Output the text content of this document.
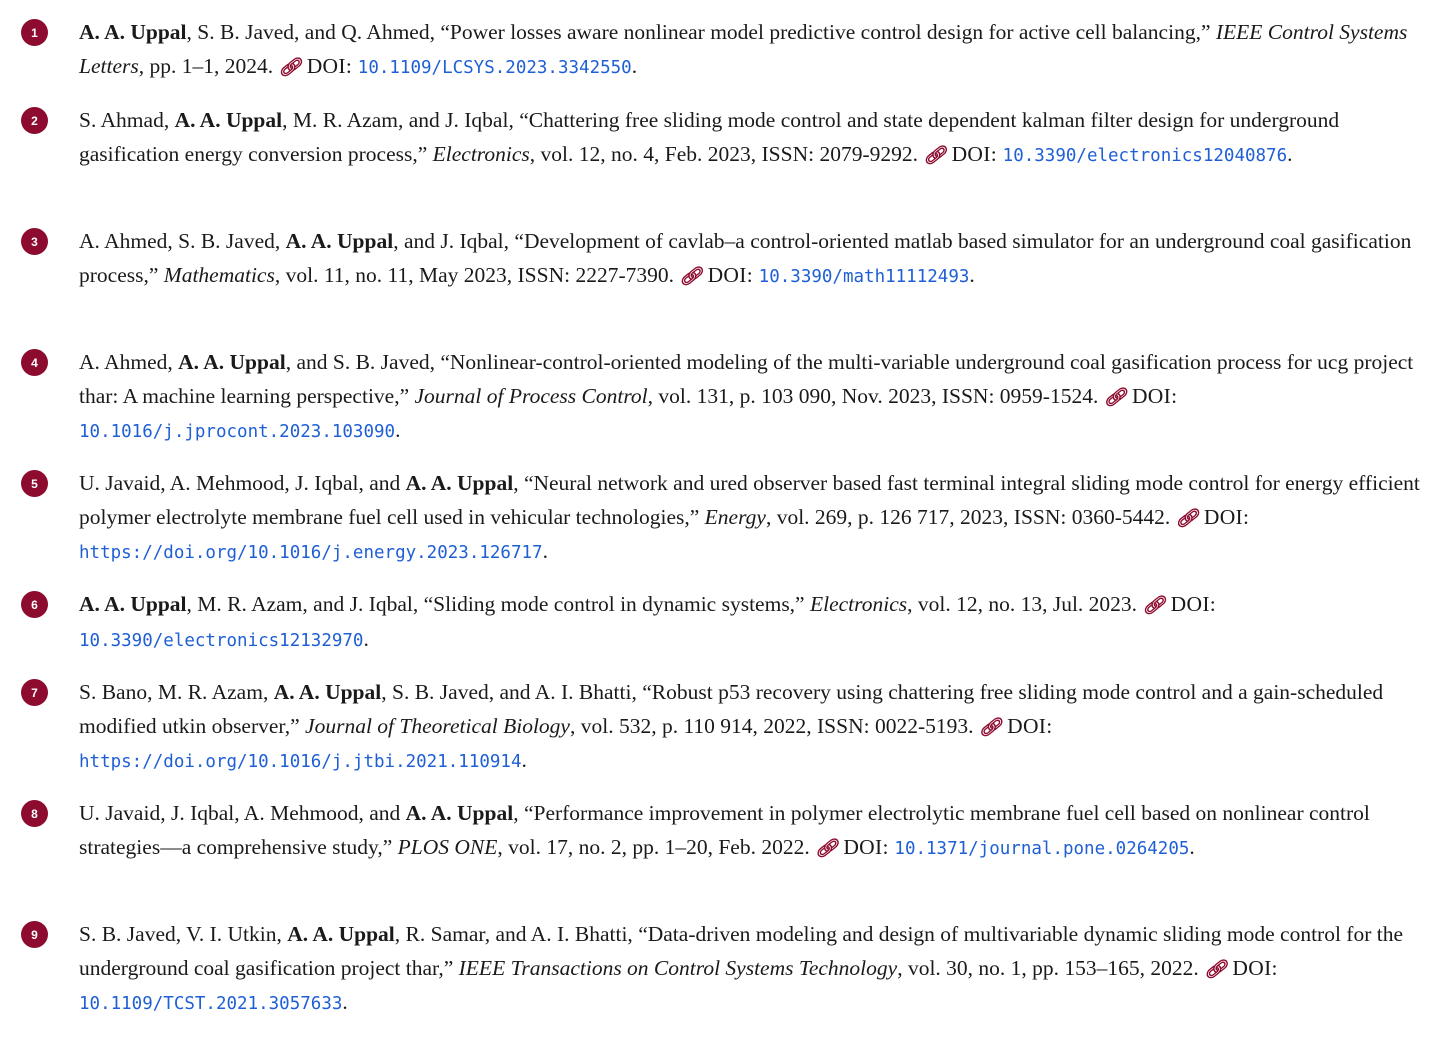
1	A. A. Uppal, S. B. Javed, and Q. Ahmed, “Power losses aware nonlinear model predictive control design for active cell balancing,” IEEE Control Systems Letters, pp. 1–1, 2024. 🔗︎ DOI: 10.1109/LCSYS.2023.3342550.
2	S. Ahmad, A. A. Uppal, M. R. Azam, and J. Iqbal, “Chattering free sliding mode control and state dependent kalman filter design for underground gasification energy conversion process,” Electronics, vol. 12, no. 4, Feb. 2023, ISSN: 2079-9292. 🔗︎ DOI: 10.3390/electronics12040876.
3	A. Ahmed, S. B. Javed, A. A. Uppal, and J. Iqbal, “Development of cavlab–a control-oriented matlab based simulator for an underground coal gasification process,” Mathematics, vol. 11, no. 11, May 2023, ISSN: 2227-7390. 🔗︎ DOI: 10.3390/math11112493.
4	A. Ahmed, A. A. Uppal, and S. B. Javed, “Nonlinear-control-oriented modeling of the multi-variable underground coal gasification process for ucg project thar: A machine learning perspective,” Journal of Process Control, vol. 131, p. 103 090, Nov. 2023, ISSN: 0959-1524. 🔗︎ DOI: 10.1016/j.jprocont.2023.103090.
5	U. Javaid, A. Mehmood, J. Iqbal, and A. A. Uppal, “Neural network and ured observer based fast terminal integral sliding mode control for energy efficient polymer electrolyte membrane fuel cell used in vehicular technologies,” Energy, vol. 269, p. 126 717, 2023, ISSN: 0360-5442. 🔗︎ DOI: https://doi.org/10.1016/j.energy.2023.126717.
6	A. A. Uppal, M. R. Azam, and J. Iqbal, “Sliding mode control in dynamic systems,” Electronics, vol. 12, no. 13, Jul. 2023. 🔗︎ DOI: 10.3390/electronics12132970.
7	S. Bano, M. R. Azam, A. A. Uppal, S. B. Javed, and A. I. Bhatti, “Robust p53 recovery using chattering free sliding mode control and a gain-scheduled modified utkin observer,” Journal of Theoretical Biology, vol. 532, p. 110 914, 2022, ISSN: 0022-5193. 🔗︎ DOI: https://doi.org/10.1016/j.jtbi.2021.110914.
8	U. Javaid, J. Iqbal, A. Mehmood, and A. A. Uppal, “Performance improvement in polymer electrolytic membrane fuel cell based on nonlinear control strategies—a comprehensive study,” PLOS ONE, vol. 17, no. 2, pp. 1–20, Feb. 2022. 🔗︎ DOI: 10.1371/journal.pone.0264205.
9	S. B. Javed, V. I. Utkin, A. A. Uppal, R. Samar, and A. I. Bhatti, “Data-driven modeling and design of multivariable dynamic sliding mode control for the underground coal gasification project thar,” IEEE Transactions on Control Systems Technology, vol. 30, no. 1, pp. 153–165, 2022. 🔗︎ DOI: 10.1109/TCST.2021.3057633.
